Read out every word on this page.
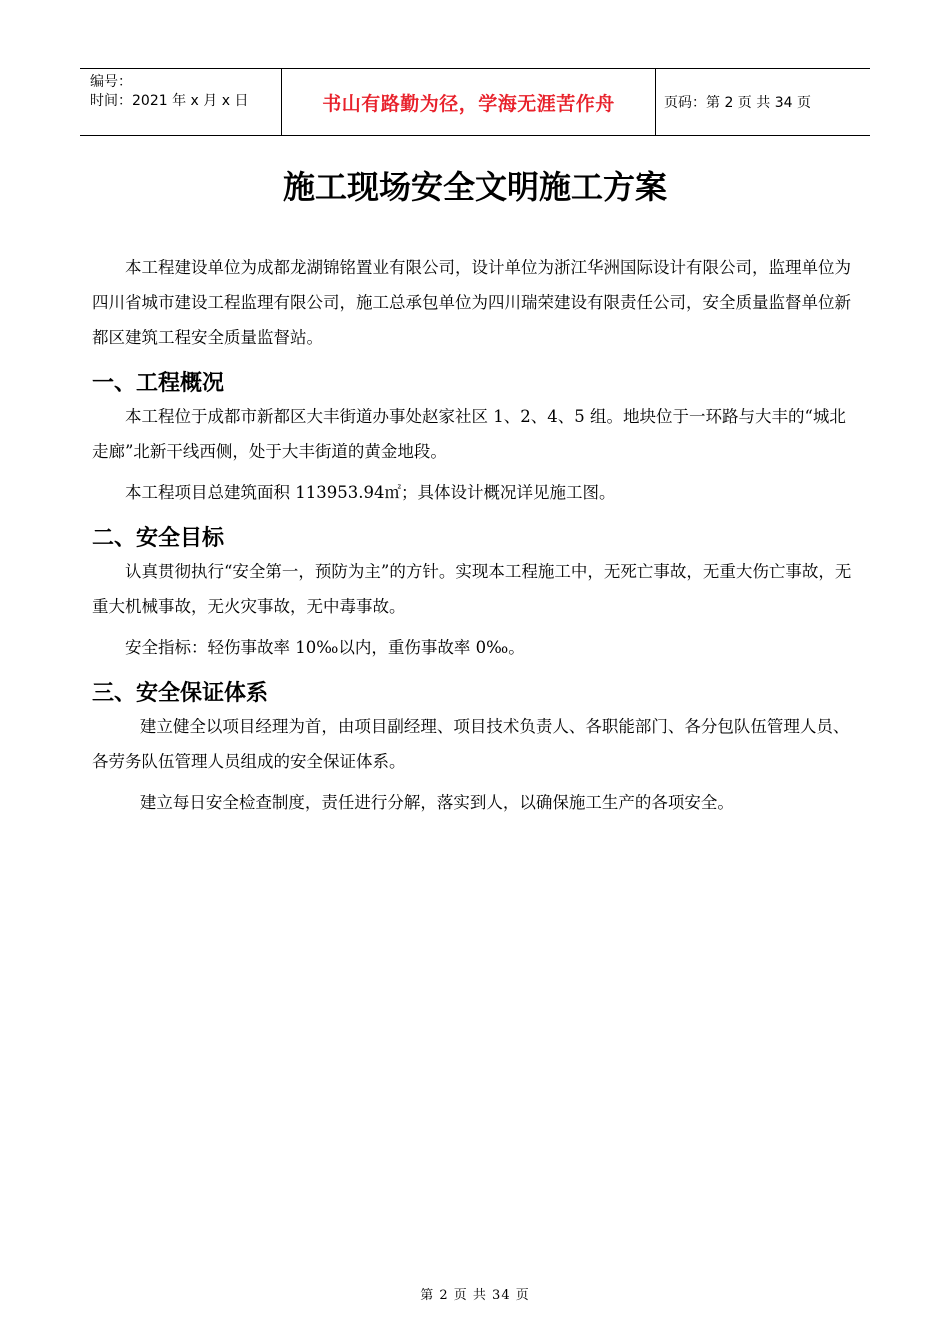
编号：
时间：2021 年 x 月 x 日	书山有路勤为径，学海无涯苦作舟	页码：第 2 页 共 34 页
施工现场安全文明施工方案

本工程建设单位为成都龙湖锦铭置业有限公司，设计单位为浙江华洲国际设计有限公司，监理单位为四川省城市建设工程监理有限公司，施工总承包单位为四川瑞荣建设有限责任公司，安全质量监督单位新都区建筑工程安全质量监督站。

一、工程概况

本工程位于成都市新都区大丰街道办事处赵家社区 1、2、4、5 组。地块位于一环路与大丰的“城北走廊”北新干线西侧，处于大丰街道的黄金地段。

本工程项目总建筑面积 113953.94㎡；具体设计概况详见施工图。

二、安全目标

认真贯彻执行“安全第一，预防为主”的方针。实现本工程施工中，无死亡事故，无重大伤亡事故，无重大机械事故，无火灾事故，无中毒事故。

安全指标：轻伤事故率 10‰以内，重伤事故率 0‰。

三、安全保证体系

建立健全以项目经理为首，由项目副经理、项目技术负责人、各职能部门、各分包队伍管理人员、各劳务队伍管理人员组成的安全保证体系。

建立每日安全检查制度，责任进行分解，落实到人，以确保施工生产的各项安全。

第 2 页 共 34 页
